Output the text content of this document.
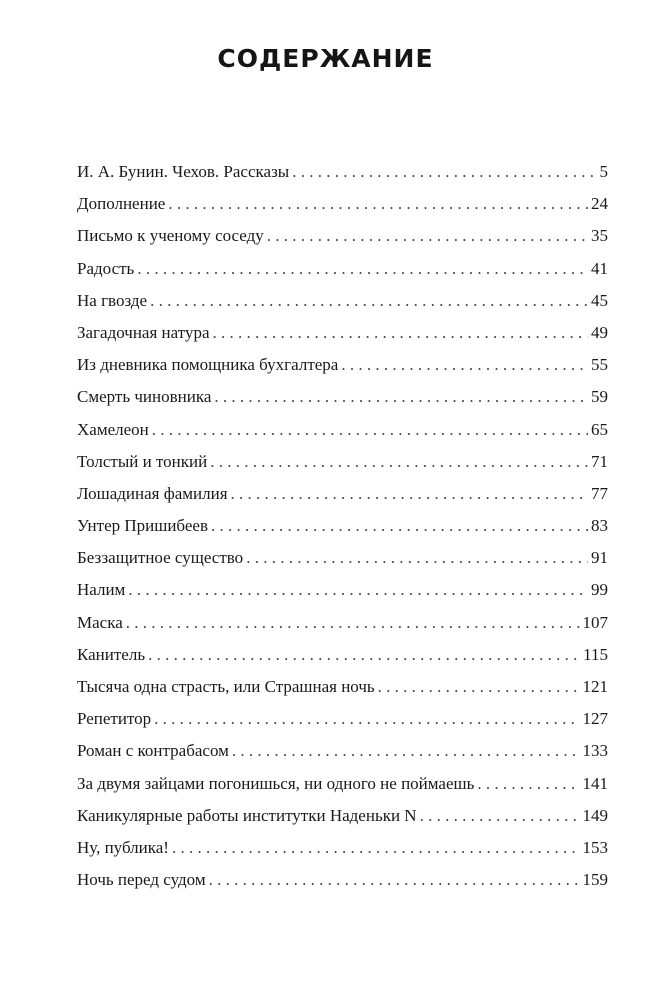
СОДЕРЖАНИЕ
И. А. Бунин. Чехов. Рассказы . . .	5
Дополнение . . .	24
Письмо к ученому соседу . . .	35
Радость . . .	41
На гвозде . . .	45
Загадочная натура . . .	49
Из дневника помощника бухгалтера . . .	55
Смерть чиновника . . .	59
Хамелеон . . .	65
Толстый и тонкий . . .	71
Лошадиная фамилия . . .	77
Унтер Пришибеев . . .	83
Беззащитное существо . . .	91
Налим . . .	99
Маска . . .	107
Канитель . . .	115
Тысяча одна страсть, или Страшная ночь . . .	121
Репетитор . . .	127
Роман с контрабасом . . .	133
За двумя зайцами погонишься, ни одного не поймаешь . . .	141
Каникулярные работы институтки Наденьки N . . .	149
Ну, публика! . . .	153
Ночь перед судом . . .	159
